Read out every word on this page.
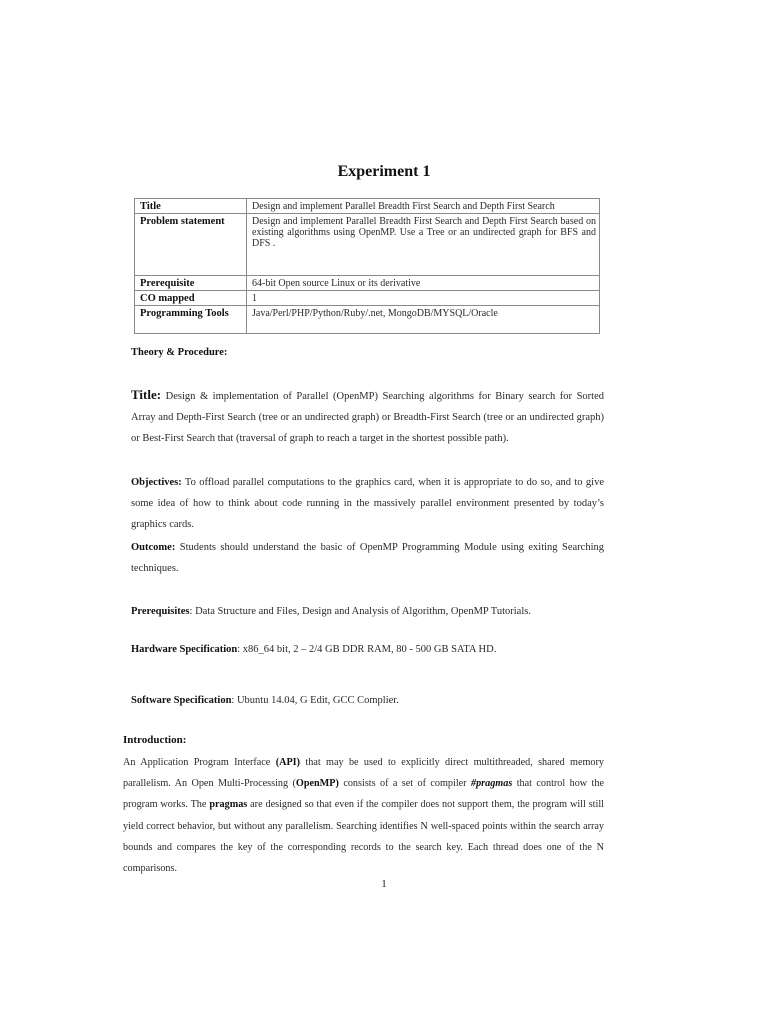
Experiment 1
Title	Design and implement Parallel Breadth First Search and Depth First Search
Problem statement	Design and implement Parallel Breadth First Search and Depth First Search based on existing algorithms using OpenMP. Use a Tree or an undirected graph for BFS and DFS .
Prerequisite	64-bit Open source Linux or its derivative
CO mapped	1
Programming Tools	Java/Perl/PHP/Python/Ruby/.net, MongoDB/MYSQL/Oracle
Theory & Procedure:
Title: Design & implementation of Parallel (OpenMP) Searching algorithms for Binary search for Sorted Array and Depth-First Search (tree or an undirected graph) or Breadth-First Search (tree or an undirected graph) or Best-First Search that (traversal of graph to reach a target in the shortest possible path).
Objectives: To offload parallel computations to the graphics card, when it is appropriate to do so, and to give some idea of how to think about code running in the massively parallel environment presented by today’s graphics cards.
Outcome: Students should understand the basic of OpenMP Programming Module using exiting Searching techniques.
Prerequisites: Data Structure and Files, Design and Analysis of Algorithm, OpenMP Tutorials.
Hardware Specification: x86_64 bit, 2 – 2/4 GB DDR RAM, 80 - 500 GB SATA HD.
Software Specification: Ubuntu 14.04, G Edit, GCC Complier.
Introduction:
An Application Program Interface (API) that may be used to explicitly direct multithreaded, shared memory parallelism. An Open Multi-Processing (OpenMP) consists of a set of compiler #pragmas that control how the program works. The pragmas are designed so that even if the compiler does not support them, the program will still yield correct behavior, but without any parallelism. Searching identifies N well-spaced points within the search array bounds and compares the key of the corresponding records to the search key. Each thread does one of the N comparisons.
1
